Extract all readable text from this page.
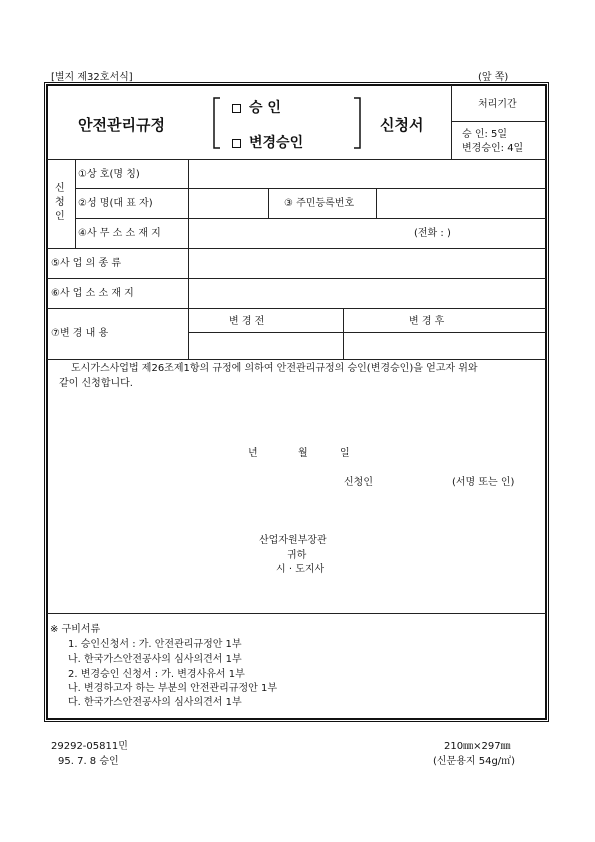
[별지 제32호서식]	(앞 쪽)
안전관리규정
승 인
변경승인
신청서
처리기간
승 인: 5일
변경승인: 4일
신
청
인
①상 호(명 칭)
②성 명(대 표 자)	③ 주민등록번호
④사 무 소 소 재 지	(전화 : )
⑤사 업 의 종 류
⑥사 업 소 소 재 지
⑦변 경 내 용
변 경 전	변 경 후
도시가스사업법 제26조제1항의 규정에 의하여 안전관리규정의 승인(변경승인)을 얻고자 위와
같이 신청합니다.
년	월	일
신청인	(서명 또는 인)
산업자원부장관
귀하
시 · 도지사
※ 구비서류
1. 승인신청서 : 가. 안전관리규정안 1부
나. 한국가스안전공사의 심사의견서 1부
2. 변경승인 신청서 : 가. 변경사유서 1부
나. 변경하고자 하는 부분의 안전관리규정안 1부
다. 한국가스안전공사의 심사의견서 1부
29292-05811민
95. 7. 8 승인
210㎜×297㎜
(신문용지 54g/㎡)
